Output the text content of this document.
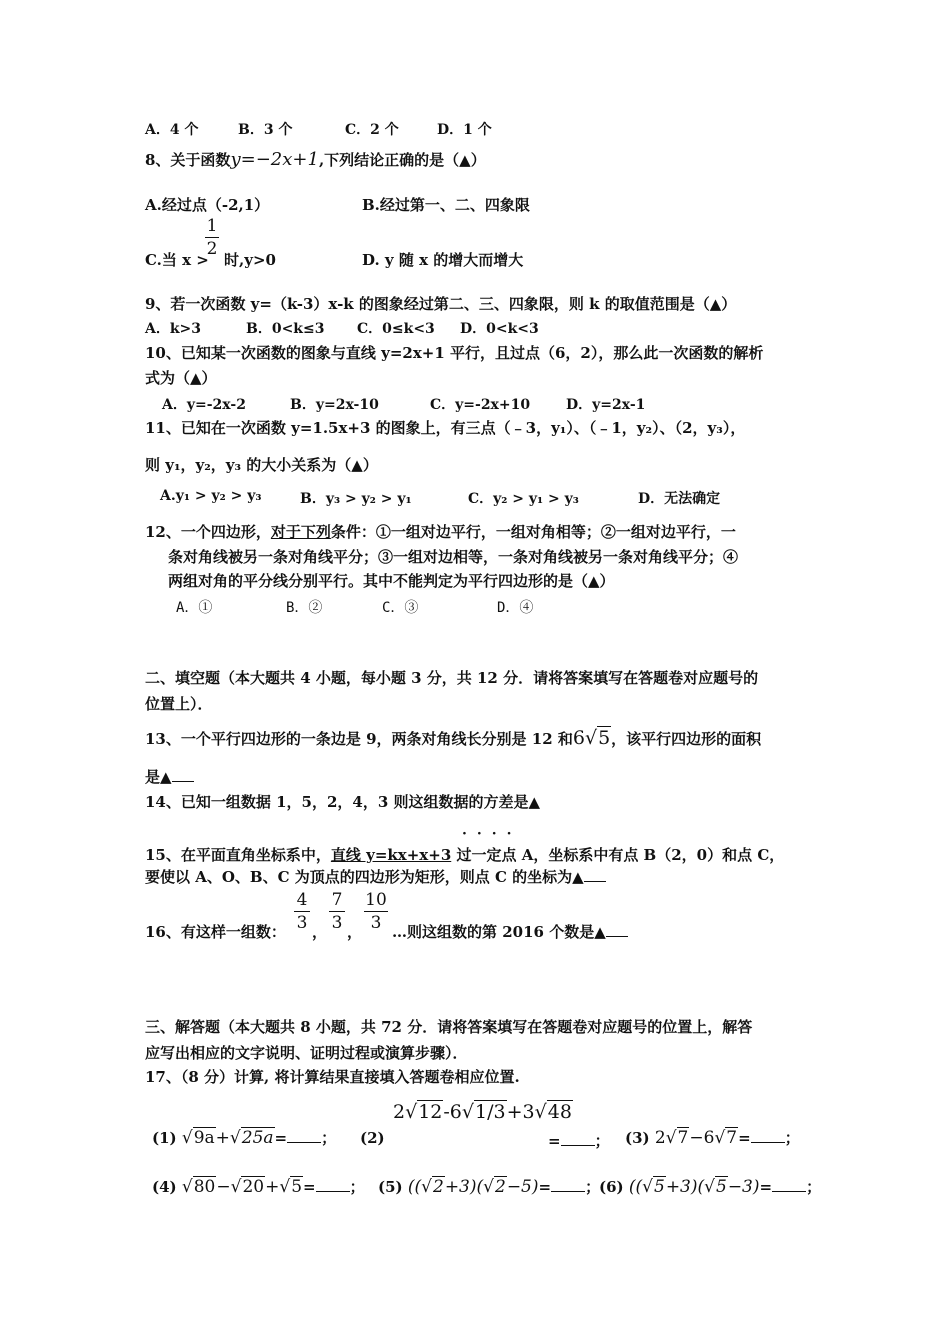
A．4 个	B．3 个	C．2 个	D．1 个
8、关于函数y=−2x+1,下列结论正确的是（▲）
A.经过点（-2,1）	B.经过第一、二、四象限
C.当 x >
1
2
时,y>0	D. y 随 x 的增大而增大
9、若一次函数 y=（k-3）x-k 的图象经过第二、三、四象限，则 k 的取值范围是（▲）
A．k>3	B．0<k≤3 C．0≤k<3 D．0<k<3
10、已知某一次函数的图象与直线 y=2x+1 平行，且过点（6，2），那么此一次函数的解析
式为（▲）
A．y=-2x-2	B．y=2x-10	C．y=-2x+10	D．y=2x-1
11、已知在一次函数 y=1.5x+3 的图象上，有三点（﹣3，y₁）、（﹣1，y₂）、（2，y₃），
则 y₁，y₂，y₃ 的大小关系为（▲）
A.y₁ > y₂ > y₃	B．y₃ > y₂ > y₁	C．y₂ > y₁ > y₃	D．无法确定
12、一个四边形，对于下列条件：①一组对边平行，一组对角相等；②一组对边平行，一
条对角线被另一条对角线平分；③一组对边相等，一条对角线被另一条对角线平分；④
两组对角的平分线分别平行。其中不能判定为平行四边形的是（▲）
A．①	B．②	C．③	D．④
二、填空题（本大题共 4 小题，每小题 3 分，共 12 分．请将答案填写在答题卷对应题号的
位置上）．
13、一个平行四边形的一条边是 9，两条对角线长分别是 12 和6√5，该平行四边形的面积
是▲
14、已知一组数据 1，5，2，4，3 则这组数据的方差是▲
····
15、在平面直角坐标系中，直线 y=kx+x+3 过一定点 A，坐标系中有点 B（2，0）和点 C，
要使以 A、O、B、C 为顶点的四边形为矩形，则点 C 的坐标为▲
16、有这样一组数：
4
3 ，
7
3 ，
10
3 …则这组数的第 2016 个数是▲
三、解答题（本大题共 8 小题，共 72 分．请将答案填写在答题卷对应题号的位置上，解答
应写出相应的文字说明、证明过程或演算步骤）．
17、（8 分）计算, 将计算结果直接填入答题卷相应位置.
(1) √9a+√25a= ； (2)
2√12-6√1/3+3√48
= ； (3) 2√7−6√7= ；
(4) √80−√20+√5= ； (5) ((√2+3)(√2−5)= ；
(6) ((√5+3)(√5−3)= ；
